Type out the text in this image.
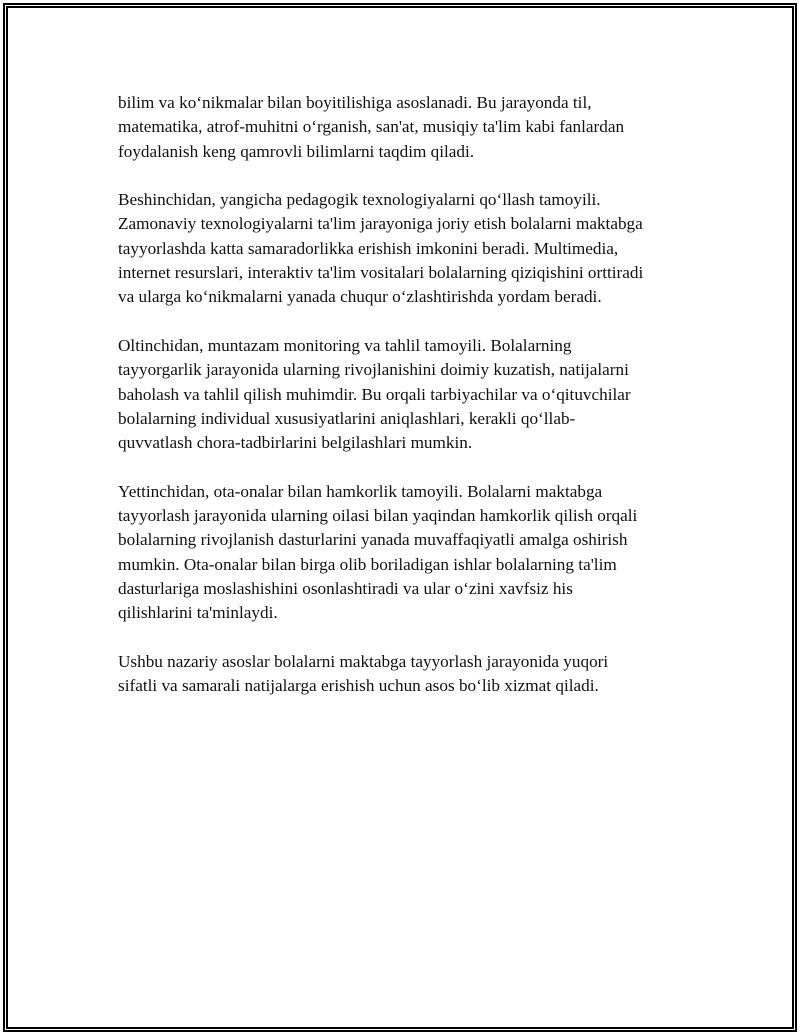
bilim va ko‘nikmalar bilan boyitilishiga asoslanadi. Bu jarayonda til,
matematika, atrof-muhitni o‘rganish, san'at, musiqiy ta'lim kabi fanlardan
foydalanish keng qamrovli bilimlarni taqdim qiladi.

Beshinchidan, yangicha pedagogik texnologiyalarni qo‘llash tamoyili.
Zamonaviy texnologiyalarni ta'lim jarayoniga joriy etish bolalarni maktabga
tayyorlashda katta samaradorlikka erishish imkonini beradi. Multimedia,
internet resurslari, interaktiv ta'lim vositalari bolalarning qiziqishini orttiradi
va ularga ko‘nikmalarni yanada chuqur o‘zlashtirishda yordam beradi.

Oltinchidan, muntazam monitoring va tahlil tamoyili. Bolalarning
tayyorgarlik jarayonida ularning rivojlanishini doimiy kuzatish, natijalarni
baholash va tahlil qilish muhimdir. Bu orqali tarbiyachilar va o‘qituvchilar
bolalarning individual xususiyatlarini aniqlashlari, kerakli qo‘llab-
quvvatlash chora-tadbirlarini belgilashlari mumkin.

Yettinchidan, ota-onalar bilan hamkorlik tamoyili. Bolalarni maktabga
tayyorlash jarayonida ularning oilasi bilan yaqindan hamkorlik qilish orqali
bolalarning rivojlanish dasturlarini yanada muvaffaqiyatli amalga oshirish
mumkin. Ota-onalar bilan birga olib boriladigan ishlar bolalarning ta'lim
dasturlariga moslashishini osonlashtiradi va ular o‘zini xavfsiz his
qilishlarini ta'minlaydi.

Ushbu nazariy asoslar bolalarni maktabga tayyorlash jarayonida yuqori
sifatli va samarali natijalarga erishish uchun asos bo‘lib xizmat qiladi.
